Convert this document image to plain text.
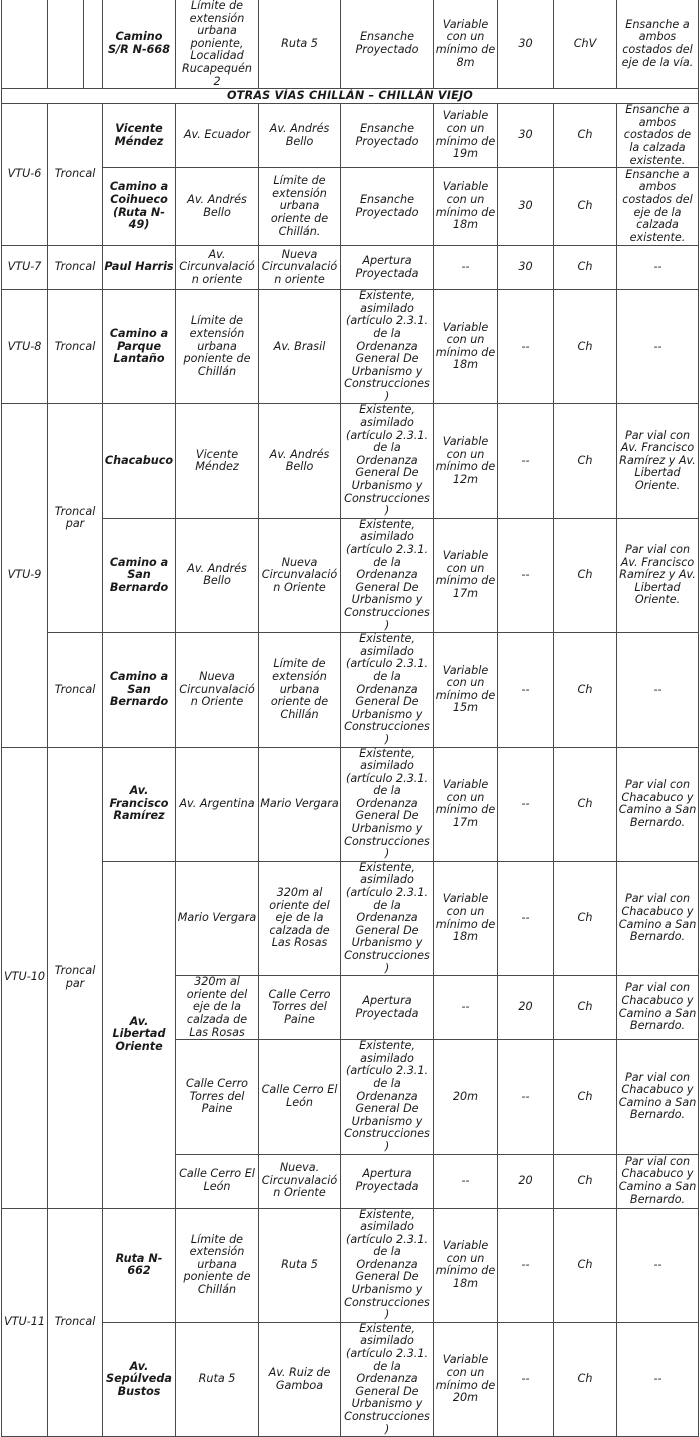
			Camino S/R N-668	Límite de extensión urbana poniente, Localidad Rucapequén 2	Ruta 5	Ensanche Proyectado	Variable con un mínimo de 8m	30	ChV	Ensanche a ambos costados del eje de la vía.
OTRAS VÍAS CHILLÁN – CHILLÁN VIEJO										
VTU-6	Troncal		Vicente Méndez	Av. Ecuador	Av. Andrés Bello	Ensanche Proyectado	Variable con un mínimo de 19m	30	Ch	Ensanche a ambos costados de la calzada existente.
			Camino a Coihueco (Ruta N-49)	Av. Andrés Bello	Límite de extensión urbana oriente de Chillán.	Ensanche Proyectado	Variable con un mínimo de 18m	30	Ch	Ensanche a ambos costados del eje de la calzada existente.
VTU-7	Troncal		Paul Harris	Av. Circunvalación oriente	Nueva Circunvalación oriente	Apertura Proyectada	--	30	Ch	--
VTU-8	Troncal		Camino a Parque Lantaño	Límite de extensión urbana poniente de Chillán	Av. Brasil	Existente, asimilado (artículo 2.3.1. de la Ordenanza General De Urbanismo y Construcciones)	Variable con un mínimo de 18m	--	Ch	--
VTU-9	Troncal par		Chacabuco	Vicente Méndez	Av. Andrés Bello	Existente, asimilado (artículo 2.3.1. de la Ordenanza General De Urbanismo y Construcciones)	Variable con un mínimo de 12m	--	Ch	Par vial con Av. Francisco Ramírez y Av. Libertad Oriente.
			Camino a San Bernardo	Av. Andrés Bello	Nueva Circunvalación Oriente	Existente, asimilado (artículo 2.3.1. de la Ordenanza General De Urbanismo y Construcciones)	Variable con un mínimo de 17m	--	Ch	Par vial con Av. Francisco Ramírez y Av. Libertad Oriente.
	Troncal		Camino a San Bernardo	Nueva Circunvalación Oriente	Límite de extensión urbana oriente de Chillán	Existente, asimilado (artículo 2.3.1. de la Ordenanza General De Urbanismo y Construcciones)	Variable con un mínimo de 15m	--	Ch	--
VTU-10	Troncal par		Av. Francisco Ramírez	Av. Argentina	Mario Vergara	Existente, asimilado (artículo 2.3.1. de la Ordenanza General De Urbanismo y Construcciones)	Variable con un mínimo de 17m	--	Ch	Par vial con Chacabuco y Camino a San Bernardo.
			Av. Libertad Oriente	Mario Vergara	320m al oriente del eje de la calzada de Las Rosas	Existente, asimilado (artículo 2.3.1. de la Ordenanza General De Urbanismo y Construcciones)	Variable con un mínimo de 18m	--	Ch	Par vial con Chacabuco y Camino a San Bernardo.
				320m al oriente del eje de la calzada de Las Rosas	Calle Cerro Torres del Paine	Apertura Proyectada	--	20	Ch	Par vial con Chacabuco y Camino a San Bernardo.
				Calle Cerro Torres del Paine	Calle Cerro El León	Existente, asimilado (artículo 2.3.1. de la Ordenanza General De Urbanismo y Construcciones)	20m	--	Ch	Par vial con Chacabuco y Camino a San Bernardo.
				Calle Cerro El León	Nueva. Circunvalación Oriente	Apertura Proyectada	--	20	Ch	Par vial con Chacabuco y Camino a San Bernardo.
VTU-11	Troncal		Ruta N-662	Límite de extensión urbana poniente de Chillán	Ruta 5	Existente, asimilado (artículo 2.3.1. de la Ordenanza General De Urbanismo y Construcciones)	Variable con un mínimo de 18m	--	Ch	--
			Av. Sepúlveda Bustos	Ruta 5	Av. Ruiz de Gamboa	Existente, asimilado (artículo 2.3.1. de la Ordenanza General De Urbanismo y Construcciones)	Variable con un mínimo de 20m	--	Ch	--
